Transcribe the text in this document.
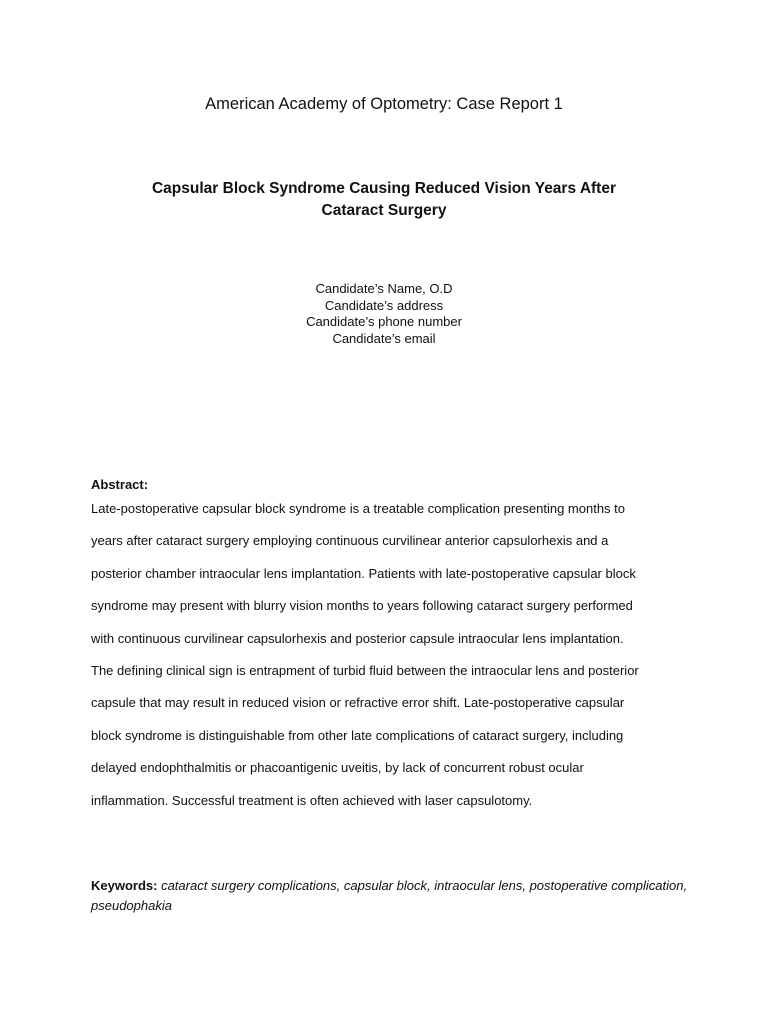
American Academy of Optometry: Case Report 1
Capsular Block Syndrome Causing Reduced Vision Years After
Cataract Surgery
Candidate’s Name, O.D
Candidate’s address
Candidate’s phone number
Candidate’s email
Abstract:
Late-postoperative capsular block syndrome is a treatable complication presenting months to
years after cataract surgery employing continuous curvilinear anterior capsulorhexis and a
posterior chamber intraocular lens implantation. Patients with late-postoperative capsular block
syndrome may present with blurry vision months to years following cataract surgery performed
with continuous curvilinear capsulorhexis and posterior capsule intraocular lens implantation.
The defining clinical sign is entrapment of turbid fluid between the intraocular lens and posterior
capsule that may result in reduced vision or refractive error shift. Late-postoperative capsular
block syndrome is distinguishable from other late complications of cataract surgery, including
delayed endophthalmitis or phacoantigenic uveitis, by lack of concurrent robust ocular
inflammation. Successful treatment is often achieved with laser capsulotomy.
Keywords: cataract surgery complications, capsular block, intraocular lens, postoperative complication, pseudophakia
